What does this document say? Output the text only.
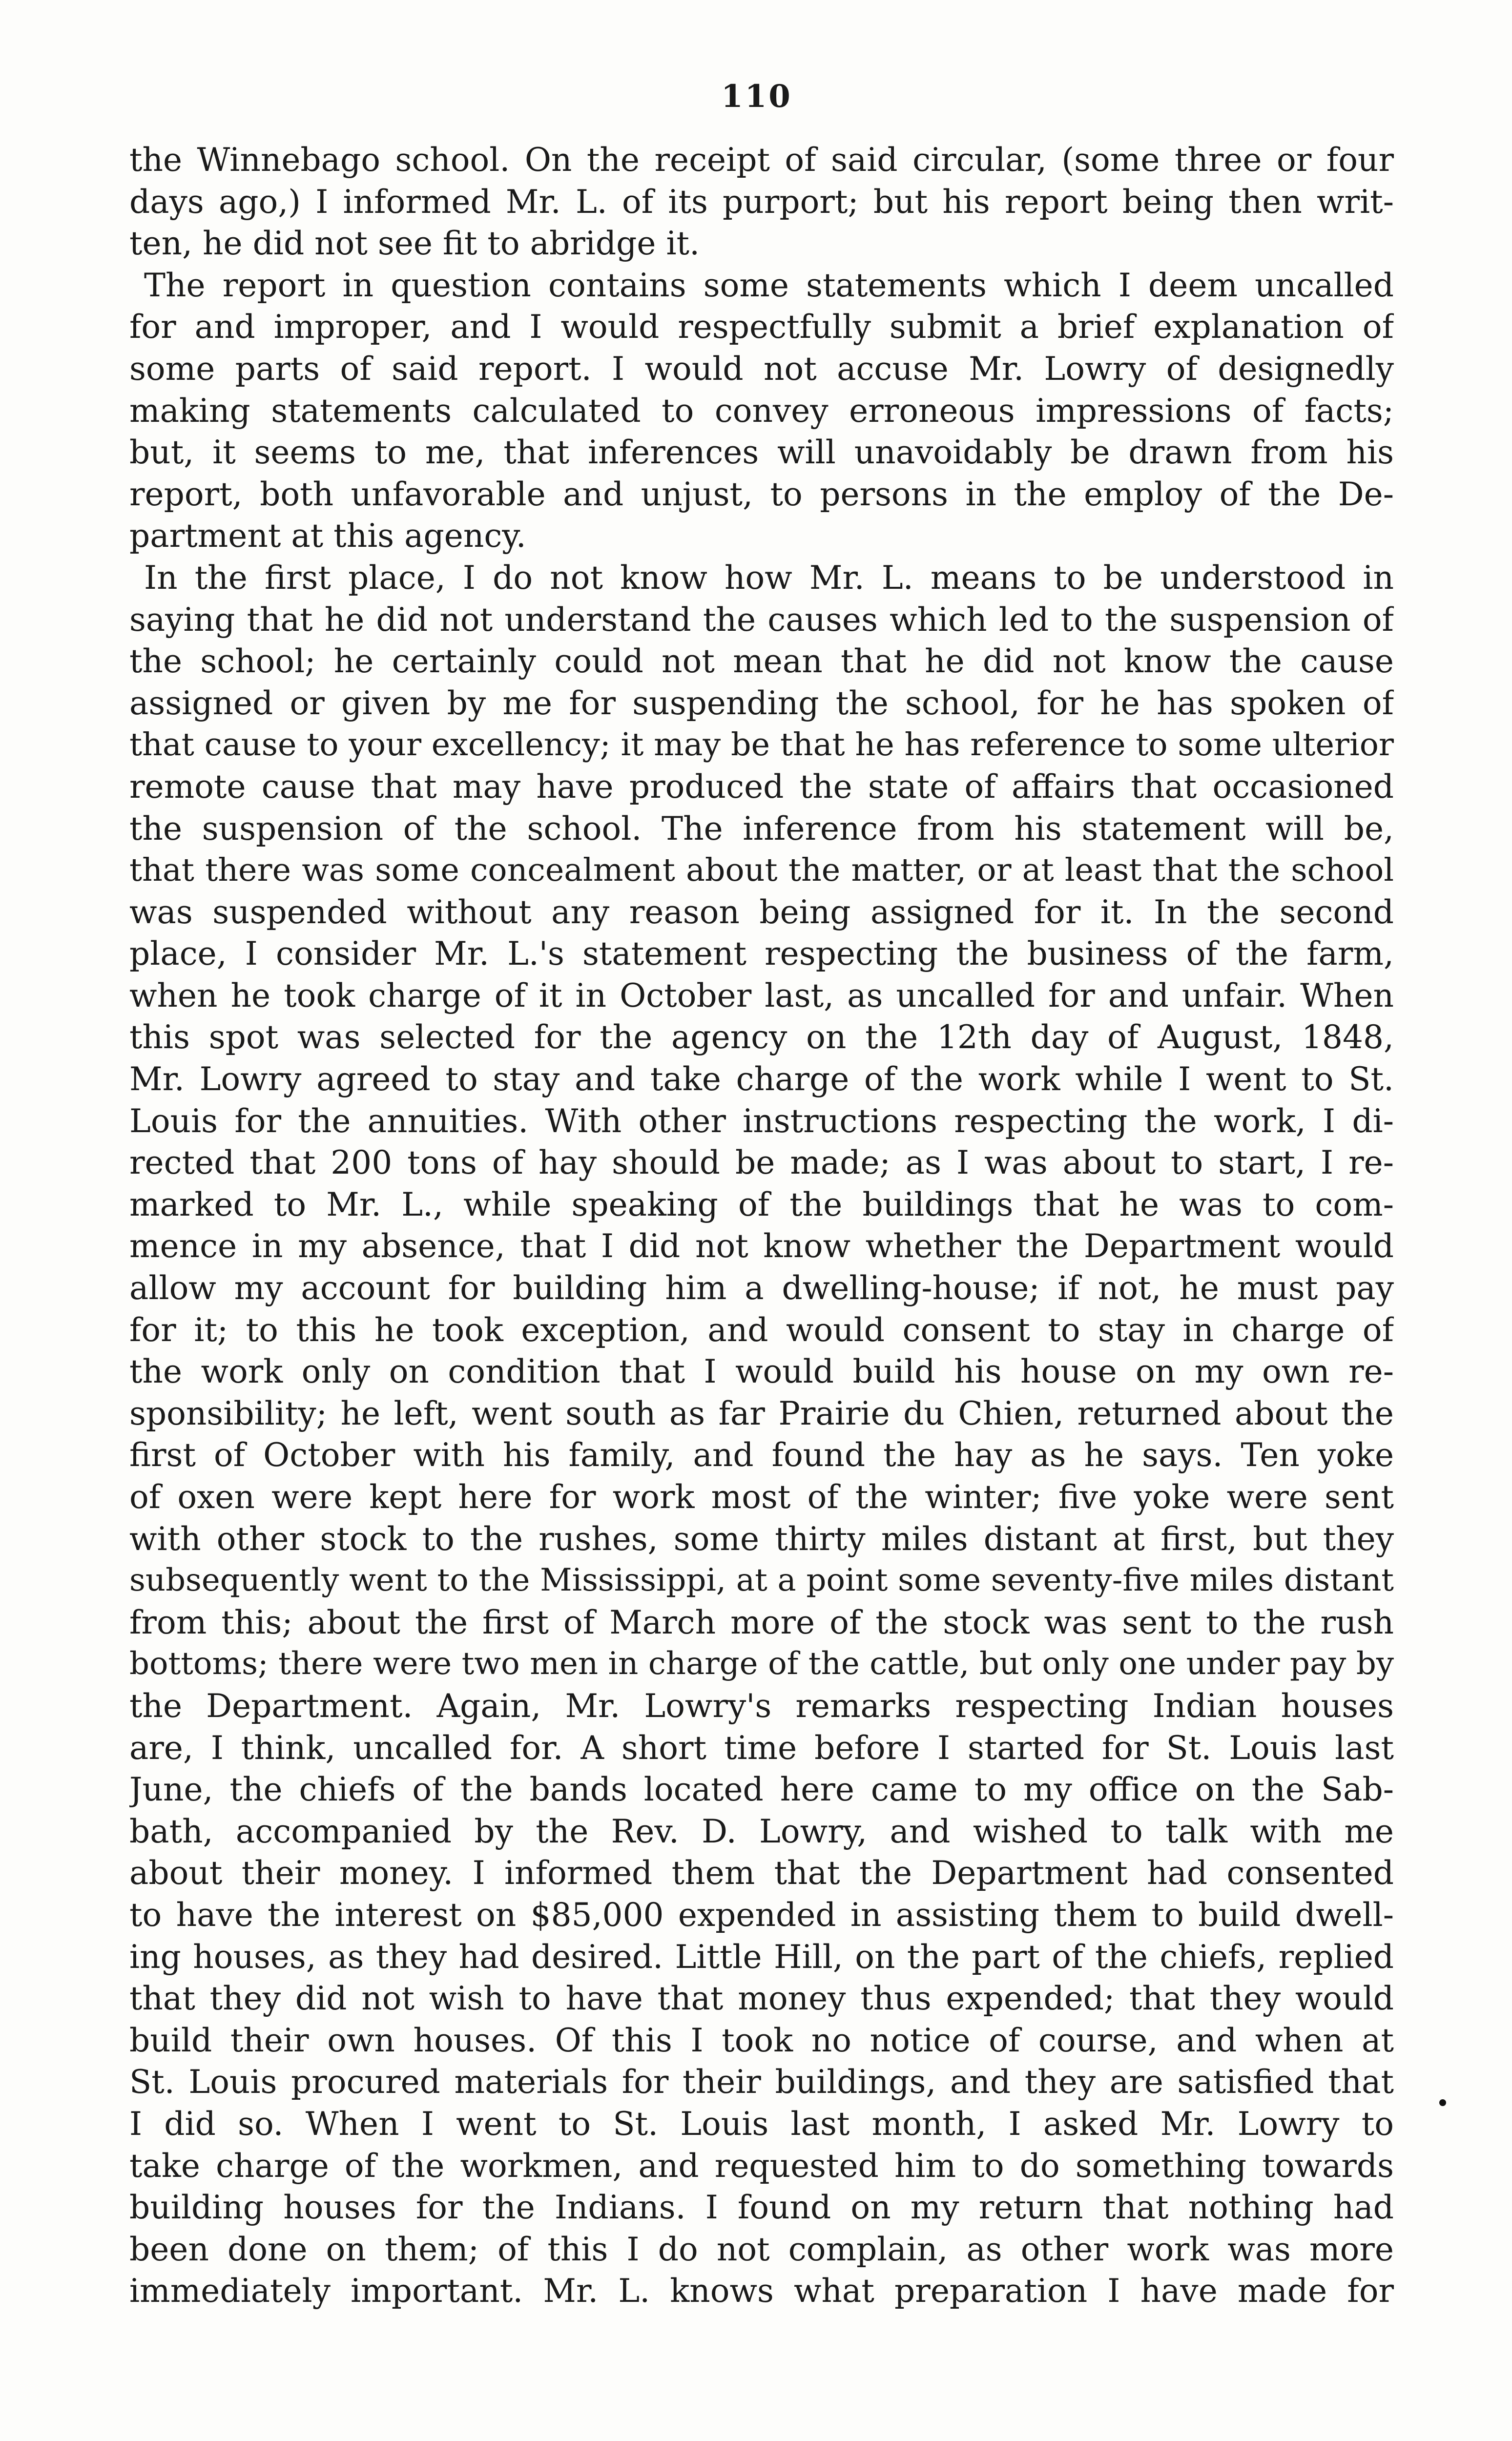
110
the Winnebago school. On the receipt of said circular, (some three or four
days ago,) I informed Mr. L. of its purport; but his report being then writ-
ten, he did not see fit to abridge it.
The report in question contains some statements which I deem uncalled
for and improper, and I would respectfully submit a brief explanation of
some parts of said report. I would not accuse Mr. Lowry of designedly
making statements calculated to convey erroneous impressions of facts;
but, it seems to me, that inferences will unavoidably be drawn from his
report, both unfavorable and unjust, to persons in the employ of the De-
partment at this agency.
In the first place, I do not know how Mr. L. means to be understood in
saying that he did not understand the causes which led to the suspension of
the school; he certainly could not mean that he did not know the cause
assigned or given by me for suspending the school, for he has spoken of
that cause to your excellency; it may be that he has reference to some ulterior
remote cause that may have produced the state of affairs that occasioned
the suspension of the school. The inference from his statement will be,
that there was some concealment about the matter, or at least that the school
was suspended without any reason being assigned for it. In the second
place, I consider Mr. L.'s statement respecting the business of the farm,
when he took charge of it in October last, as uncalled for and unfair. When
this spot was selected for the agency on the 12th day of August, 1848,
Mr. Lowry agreed to stay and take charge of the work while I went to St.
Louis for the annuities. With other instructions respecting the work, I di-
rected that 200 tons of hay should be made; as I was about to start, I re-
marked to Mr. L., while speaking of the buildings that he was to com-
mence in my absence, that I did not know whether the Department would
allow my account for building him a dwelling-house; if not, he must pay
for it; to this he took exception, and would consent to stay in charge of
the work only on condition that I would build his house on my own re-
sponsibility; he left, went south as far Prairie du Chien, returned about the
first of October with his family, and found the hay as he says. Ten yoke
of oxen were kept here for work most of the winter; five yoke were sent
with other stock to the rushes, some thirty miles distant at first, but they
subsequently went to the Mississippi, at a point some seventy-five miles distant
from this; about the first of March more of the stock was sent to the rush
bottoms; there were two men in charge of the cattle, but only one under pay by
the Department. Again, Mr. Lowry's remarks respecting Indian houses
are, I think, uncalled for. A short time before I started for St. Louis last
June, the chiefs of the bands located here came to my office on the Sab-
bath, accompanied by the Rev. D. Lowry, and wished to talk with me
about their money. I informed them that the Department had consented
to have the interest on $85,000 expended in assisting them to build dwell-
ing houses, as they had desired. Little Hill, on the part of the chiefs, replied
that they did not wish to have that money thus expended; that they would
build their own houses. Of this I took no notice of course, and when at
St. Louis procured materials for their buildings, and they are satisfied that
I did so. When I went to St. Louis last month, I asked Mr. Lowry to
take charge of the workmen, and requested him to do something towards
building houses for the Indians. I found on my return that nothing had
been done on them; of this I do not complain, as other work was more
immediately important. Mr. L. knows what preparation I have made for
